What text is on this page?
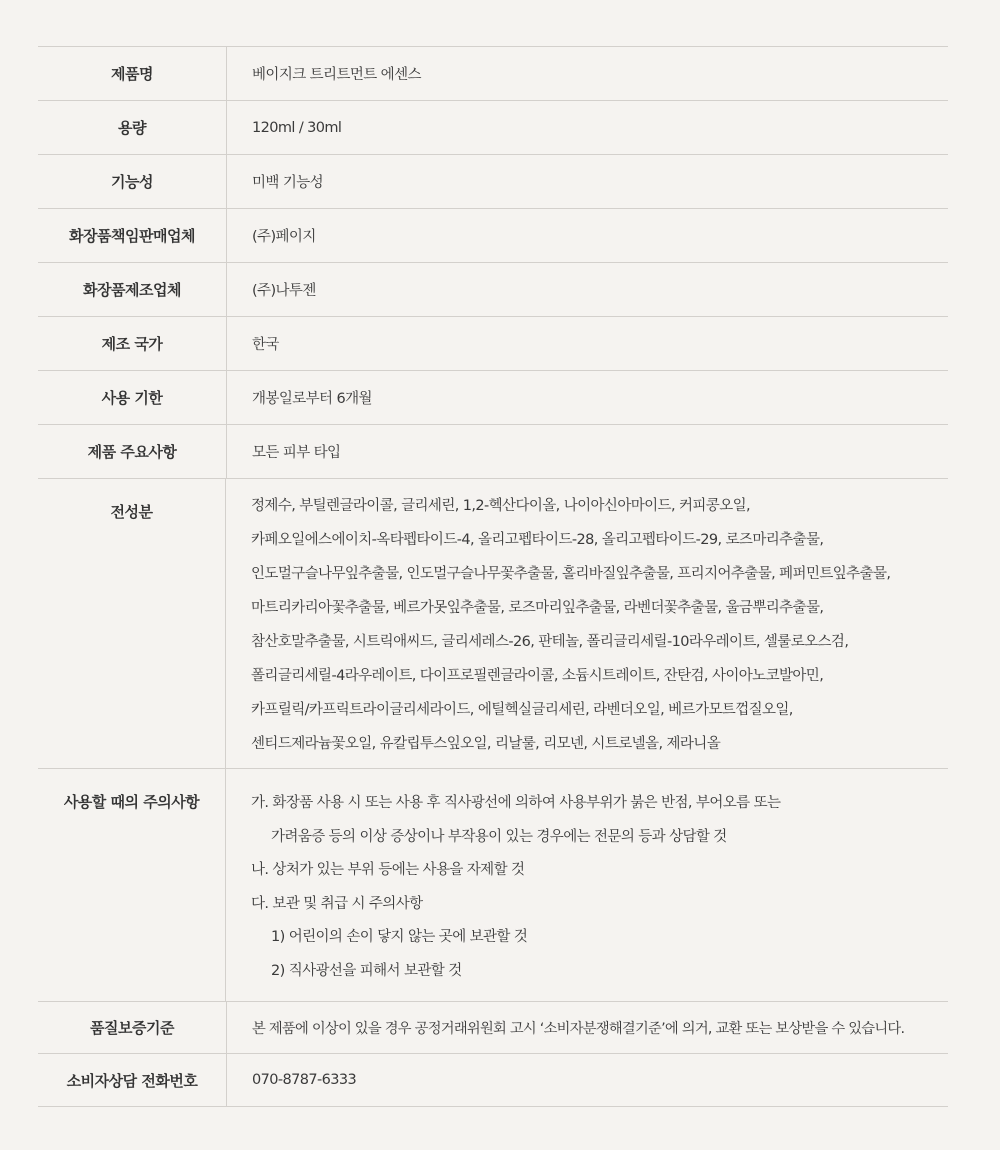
제품명	베이지크 트리트먼트 에센스
용량	120ml / 30ml
기능성	미백 기능성
화장품책임판매업체	(주)페이지
화장품제조업체	(주)나투젠
제조 국가	한국
사용 기한	개봉일로부터 6개월
제품 주요사항	모든 피부 타입
전성분	정제수, 부틸렌글라이콜, 글리세린, 1,2-헥산다이올, 나이아신아마이드, 커피콩오일,
카페오일에스에이치-옥타펩타이드-4, 올리고펩타이드-28, 올리고펩타이드-29, 로즈마리추출물,
인도멀구슬나무잎추출물, 인도멀구슬나무꽃추출물, 홀리바질잎추출물, 프리지어추출물, 페퍼민트잎추출물,
마트리카리아꽃추출물, 베르가못잎추출물, 로즈마리잎추출물, 라벤더꽃추출물, 울금뿌리추출물,
참산호말추출물, 시트릭애씨드, 글리세레스-26, 판테놀, 폴리글리세릴-10라우레이트, 셀룰로오스검,
폴리글리세릴-4라우레이트, 다이프로필렌글라이콜, 소듐시트레이트, 잔탄검, 사이아노코발아민,
카프릴릭/카프릭트라이글리세라이드, 에틸헥실글리세린, 라벤더오일, 베르가모트껍질오일,
센티드제라늄꽃오일, 유칼립투스잎오일, 리날룰, 리모넨, 시트로넬올, 제라니올
사용할 때의 주의사항	가. 화장품 사용 시 또는 사용 후 직사광선에 의하여 사용부위가 붉은 반점, 부어오름 또는
가려움증 등의 이상 증상이나 부작용이 있는 경우에는 전문의 등과 상담할 것
나. 상처가 있는 부위 등에는 사용을 자제할 것
다. 보관 및 취급 시 주의사항
1) 어린이의 손이 닿지 않는 곳에 보관할 것
2) 직사광선을 피해서 보관할 것
품질보증기준	본 제품에 이상이 있을 경우 공정거래위원회 고시 ‘소비자분쟁해결기준’에 의거, 교환 또는 보상받을 수 있습니다.
소비자상담 전화번호	070-8787-6333
